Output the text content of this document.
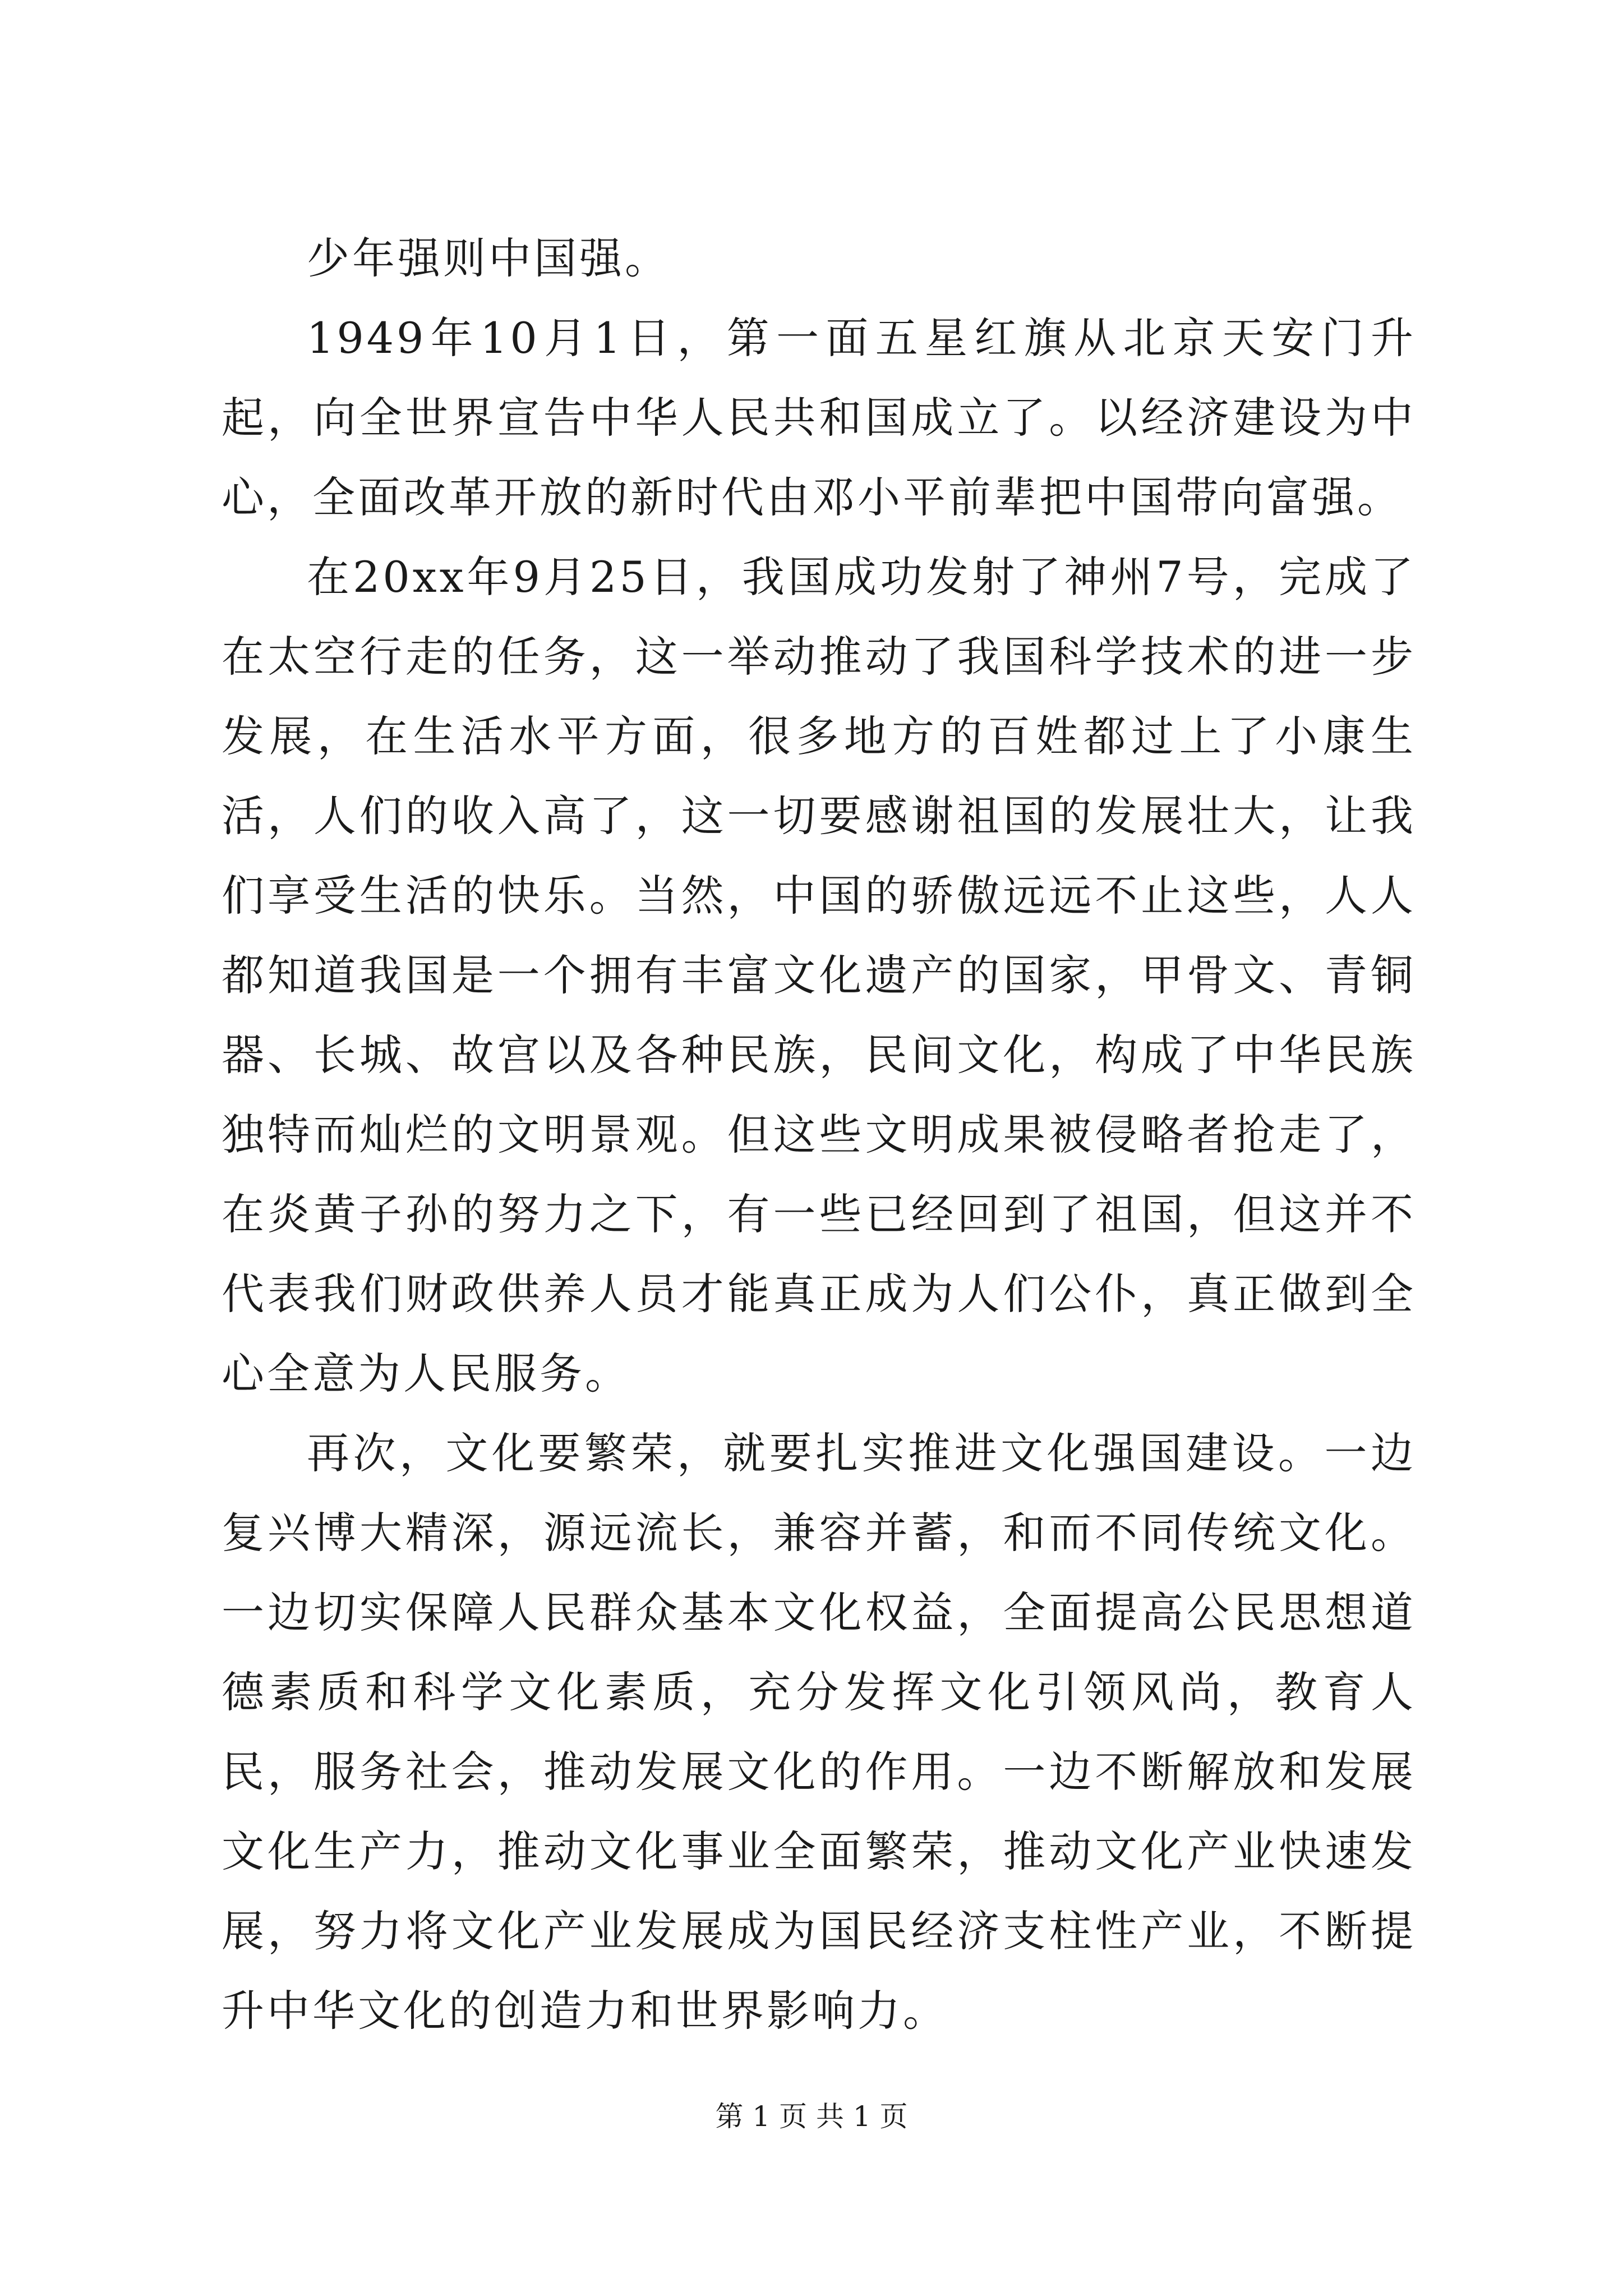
少年强则中国强。

1949年10月1日，第一面五星红旗从北京天安门升起，向全世界宣告中华人民共和国成立了。以经济建设为中心，全面改革开放的新时代由邓小平前辈把中国带向富强。

在20xx年9月25日，我国成功发射了神州7号，完成了在太空行走的任务，这一举动推动了我国科学技术的进一步发展，在生活水平方面，很多地方的百姓都过上了小康生活，人们的收入高了，这一切要感谢祖国的发展壮大，让我们享受生活的快乐。当然，中国的骄傲远远不止这些，人人都知道我国是一个拥有丰富文化遗产的国家，甲骨文、青铜器、长城、故宫以及各种民族，民间文化，构成了中华民族独特而灿烂的文明景观。但这些文明成果被侵略者抢走了，在炎黄子孙的努力之下，有一些已经回到了祖国，但这并不代表我们财政供养人员才能真正成为人们公仆，真正做到全心全意为人民服务。

再次，文化要繁荣，就要扎实推进文化强国建设。一边复兴博大精深，源远流长，兼容并蓄，和而不同传统文化。一边切实保障人民群众基本文化权益，全面提高公民思想道德素质和科学文化素质，充分发挥文化引领风尚，教育人民，服务社会，推动发展文化的作用。一边不断解放和发展文化生产力，推动文化事业全面繁荣，推动文化产业快速发展，努力将文化产业发展成为国民经济支柱性产业，不断提升中华文化的创造力和世界影响力。

第 1 页 共 1 页
